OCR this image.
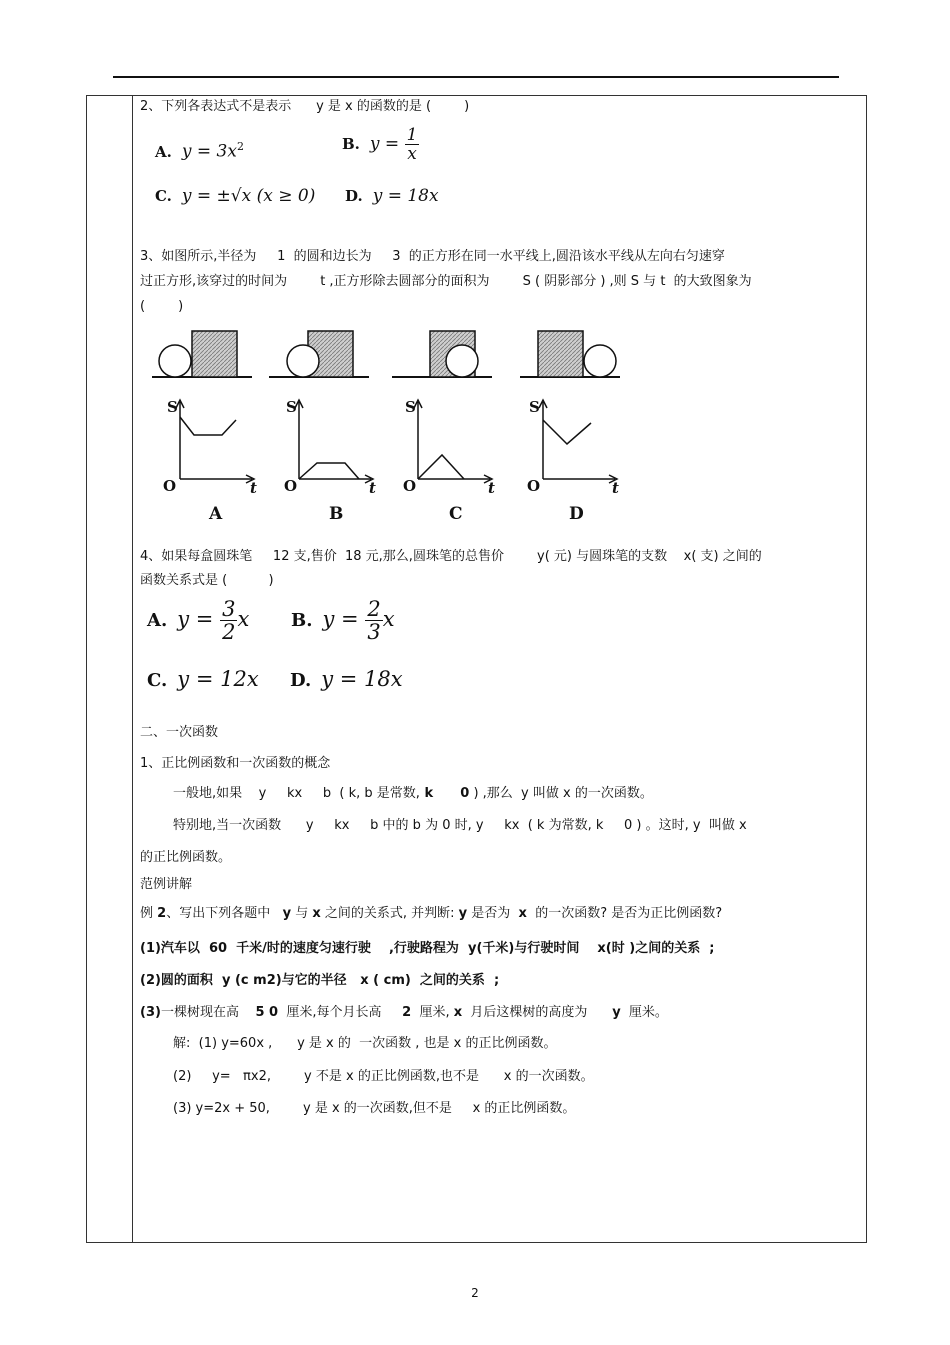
2、下列各表达式不是表示      y 是 x 的函数的是 (        )
A. $y = 3x^2$	B. $y = \frac{1}{x}$
C. y = ±√x (x ≥ 0) D. y = 18x
3、如图所示,半径为     1  的圆和边长为     3  的正方形在同一水平线上,圆沿该水平线从左向右匀速穿
过正方形,该穿过的时间为        t ,正方形除去圆部分的面积为        S ( 阴影部分 ) ,则 S 与 t  的大致图象为
(        )
S
O	t
A
S
O	t
B
S
O	t
C
S
O	t
D
4、如果每盒圆珠笔     12 支,售价  18 元,那么,圆珠笔的总售价        y( 元) 与圆珠笔的支数    x( 支) 之间的
函数关系式是 (          )
A. $y = \frac{3}{2}$ x B. $y = \frac{2}{3}$ x
C. y = 12x D. y = 18x
二、一次函数
1、正比例函数和一次函数的概念
一般地,如果    y     kx     b  ( k, b 是常数, k      0 ) ,那么  y 叫做 x 的一次函数。
特别地,当一次函数      y     kx     b 中的 b 为 0 时, y     kx  ( k 为常数, k     0 ) 。这时, y  叫做 x
的正比例函数。
范例讲解
例 2、写出下列各题中   y 与 x 之间的关系式, 并判断: y 是否为  x  的一次函数? 是否为正比例函数?
(1)汽车以  60  千米/时的速度匀速行驶    ,行驶路程为  y(千米)与行驶时间    x(时 )之间的关系  ;
(2)圆的面积  y (c m2)与它的半径   x ( cm)  之间的关系  ;
(3)一棵树现在高    5 0  厘米,每个月长高     2  厘米, x  月后这棵树的高度为      y  厘米。
解:  (1) y=60x ,      y 是 x 的  一次函数 , 也是 x 的正比例函数。
(2)     y=   πx2,        y 不是 x 的正比例函数,也不是      x 的一次函数。
(3) y=2x + 50,        y 是 x 的一次函数,但不是     x 的正比例函数。
2
